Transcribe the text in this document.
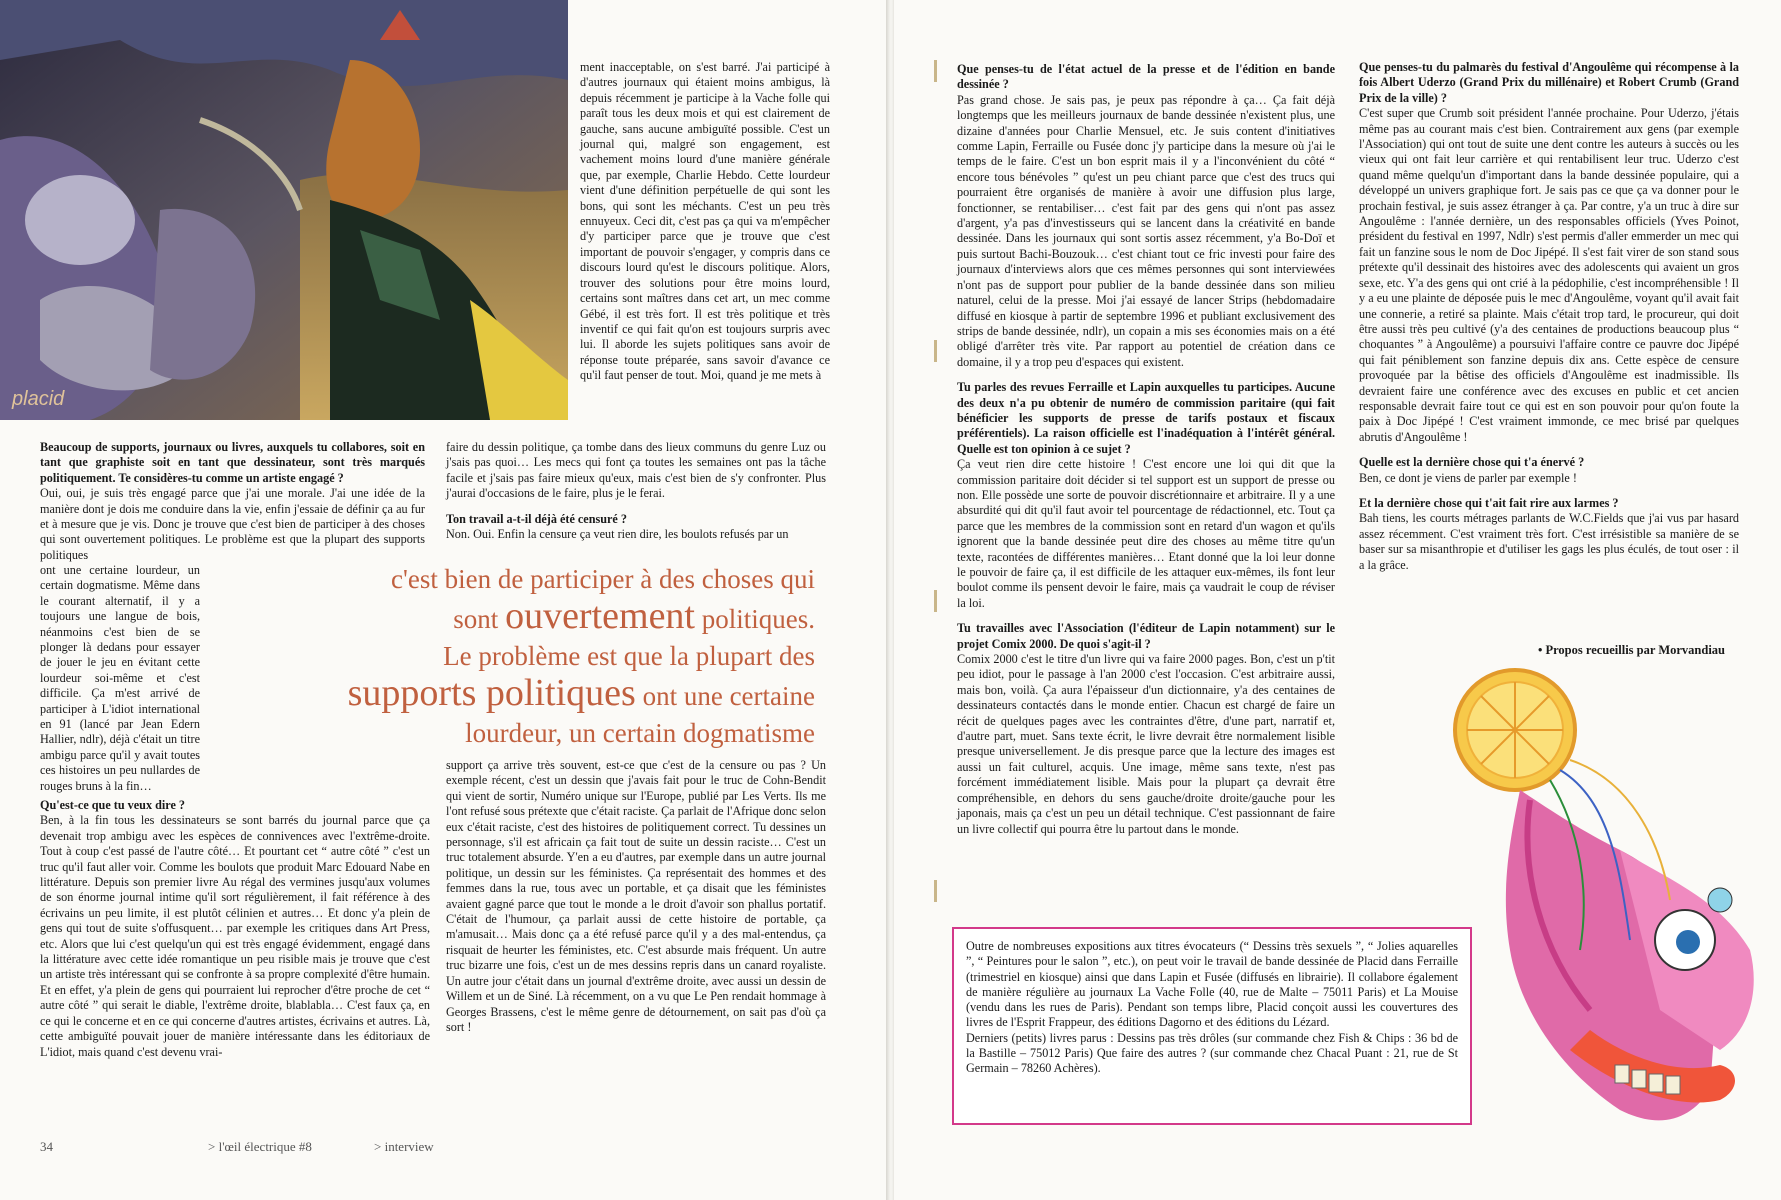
placid

ment inacceptable, on s'est barré. J'ai participé à d'autres journaux qui étaient moins ambigus, là depuis récemment je participe à la Vache folle qui paraît tous les deux mois et qui est clairement de gauche, sans aucune ambiguïté possible. C'est un journal qui, malgré son engagement, est vachement moins lourd d'une manière générale que, par exemple, Charlie Hebdo. Cette lourdeur vient d'une définition perpétuelle de qui sont les bons, qui sont les méchants. C'est un peu très ennuyeux. Ceci dit, c'est pas ça qui va m'empêcher d'y participer parce que je trouve que c'est important de pouvoir s'engager, y compris dans ce discours lourd qu'est le discours politique. Alors, trouver des solutions pour être moins lourd, certains sont maîtres dans cet art, un mec comme Gébé, il est très fort. Il est très politique et très inventif ce qui fait qu'on est toujours surpris avec lui. Il aborde les sujets politiques sans avoir de réponse toute préparée, sans savoir d'avance ce qu'il faut penser de tout. Moi, quand je me mets à

Beaucoup de supports, journaux ou livres, auxquels tu collabores, soit en tant que graphiste soit en tant que dessinateur, sont très marqués politiquement. Te considères-tu comme un artiste engagé ?

Oui, oui, je suis très engagé parce que j'ai une morale. J'ai une idée de la manière dont je dois me conduire dans la vie, enfin j'essaie de définir ça au fur et à mesure que je vis. Donc je trouve que c'est bien de participer à des choses qui sont ouvertement politiques. Le problème est que la plupart des supports politiques

faire du dessin politique, ça tombe dans des lieux communs du genre Luz ou j'sais pas quoi… Les mecs qui font ça toutes les semaines ont pas la tâche facile et j'sais pas faire mieux qu'eux, mais c'est bien de s'y confronter. Plus j'aurai d'occasions de le faire, plus je le ferai.

Ton travail a-t-il déjà été censuré ?

Non. Oui. Enfin la censure ça veut rien dire, les boulots refusés par un

ont une certaine lourdeur, un certain dogmatisme. Même dans le courant alternatif, il y a toujours une langue de bois, néanmoins c'est bien de se plonger là dedans pour essayer de jouer le jeu en évitant cette lourdeur soi-même et c'est difficile. Ça m'est arrivé de participer à L'idiot international en 91 (lancé par Jean Edern Hallier, ndlr), déjà c'était un titre ambigu parce qu'il y avait toutes ces histoires un peu nullardes de rouges bruns à la fin…

c'est bien de participer à des choses qui
sont ouvertement politiques.
Le problème est que la plupart des
supports politiques ont une certaine
lourdeur, un certain dogmatisme

Qu'est-ce que tu veux dire ?

Ben, à la fin tous les dessinateurs se sont barrés du journal parce que ça devenait trop ambigu avec les espèces de connivences avec l'extrême-droite. Tout à coup c'est passé de l'autre côté… Et pourtant cet “ autre côté ” c'est un truc qu'il faut aller voir. Comme les boulots que produit Marc Edouard Nabe en littérature. Depuis son premier livre Au régal des vermines jusqu'aux volumes de son énorme journal intime qu'il sort régulièrement, il fait référence à des écrivains un peu limite, il est plutôt célinien et autres… Et donc y'a plein de gens qui tout de suite s'offusquent… par exemple les critiques dans Art Press, etc. Alors que lui c'est quelqu'un qui est très engagé évidemment, engagé dans la littérature avec cette idée romantique un peu risible mais je trouve que c'est un artiste très intéressant qui se confronte à sa propre complexité d'être humain. Et en effet, y'a plein de gens qui pourraient lui reprocher d'être proche de cet “ autre côté ” qui serait le diable, l'extrême droite, blablabla… C'est faux ça, en ce qui le concerne et en ce qui concerne d'autres artistes, écrivains et autres. Là, cette ambiguïté pouvait jouer de manière intéressante dans les éditoriaux de L'idiot, mais quand c'est devenu vrai-

support ça arrive très souvent, est-ce que c'est de la censure ou pas ? Un exemple récent, c'est un dessin que j'avais fait pour le truc de Cohn-Bendit qui vient de sortir, Numéro unique sur l'Europe, publié par Les Verts. Ils me l'ont refusé sous prétexte que c'était raciste. Ça parlait de l'Afrique donc selon eux c'était raciste, c'est des histoires de politiquement correct. Tu dessines un personnage, s'il est africain ça fait tout de suite un dessin raciste… C'est un truc totalement absurde. Y'en a eu d'autres, par exemple dans un autre journal politique, un dessin sur les féministes. Ça représentait des hommes et des femmes dans la rue, tous avec un portable, et ça disait que les féministes avaient gagné parce que tout le monde a le droit d'avoir son phallus portatif. C'était de l'humour, ça parlait aussi de cette histoire de portable, ça m'amusait… Mais donc ça a été refusé parce qu'il y a des mal-entendus, ça risquait de heurter les féministes, etc. C'est absurde mais fréquent. Un autre truc bizarre une fois, c'est un de mes dessins repris dans un canard royaliste. Un autre jour c'était dans un journal d'extrême droite, avec aussi un dessin de Willem et un de Siné. Là récemment, on a vu que Le Pen rendait hommage à Georges Brassens, c'est le même genre de détournement, on sait pas d'où ça sort !

34	> l'œil électrique #8	> interview

Que penses-tu de l'état actuel de la presse et de l'édition en bande dessinée ?

Pas grand chose. Je sais pas, je peux pas répondre à ça… Ça fait déjà longtemps que les meilleurs journaux de bande dessinée n'existent plus, une dizaine d'années pour Charlie Mensuel, etc. Je suis content d'initiatives comme Lapin, Ferraille ou Fusée donc j'y participe dans la mesure où j'ai le temps de le faire. C'est un bon esprit mais il y a l'inconvénient du côté “ encore tous bénévoles ” qu'est un peu chiant parce que c'est des trucs qui pourraient être organisés de manière à avoir une diffusion plus large, fonctionner, se rentabiliser… c'est fait par des gens qui n'ont pas assez d'argent, y'a pas d'investisseurs qui se lancent dans la créativité en bande dessinée. Dans les journaux qui sont sortis assez récemment, y'a Bo-Doï et puis surtout Bachi-Bouzouk… c'est chiant tout ce fric investi pour faire des journaux d'interviews alors que ces mêmes personnes qui sont interviewées n'ont pas de support pour publier de la bande dessinée dans son milieu naturel, celui de la presse. Moi j'ai essayé de lancer Strips (hebdomadaire diffusé en kiosque à partir de septembre 1996 et publiant exclusivement des strips de bande dessinée, ndlr), un copain a mis ses économies mais on a été obligé d'arrêter très vite. Par rapport au potentiel de création dans ce domaine, il y a trop peu d'espaces qui existent.

Tu parles des revues Ferraille et Lapin auxquelles tu participes. Aucune des deux n'a pu obtenir de numéro de commission paritaire (qui fait bénéficier les supports de presse de tarifs postaux et fiscaux préférentiels). La raison officielle est l'inadéquation à l'intérêt général. Quelle est ton opinion à ce sujet ?

Ça veut rien dire cette histoire ! C'est encore une loi qui dit que la commission paritaire doit décider si tel support est un support de presse ou non. Elle possède une sorte de pouvoir discrétionnaire et arbitraire. Il y a une absurdité qui dit qu'il faut avoir tel pourcentage de rédactionnel, etc. Tout ça parce que les membres de la commission sont en retard d'un wagon et qu'ils ignorent que la bande dessinée peut dire des choses au même titre qu'un texte, racontées de différentes manières… Etant donné que la loi leur donne le pouvoir de faire ça, il est difficile de les attaquer eux-mêmes, ils font leur boulot comme ils pensent devoir le faire, mais ça vaudrait le coup de réviser la loi.

Tu travailles avec l'Association (l'éditeur de Lapin notamment) sur le projet Comix 2000. De quoi s'agit-il ?

Comix 2000 c'est le titre d'un livre qui va faire 2000 pages. Bon, c'est un p'tit peu idiot, pour le passage à l'an 2000 c'est l'occasion. C'est arbitraire aussi, mais bon, voilà. Ça aura l'épaisseur d'un dictionnaire, y'a des centaines de dessinateurs contactés dans le monde entier. Chacun est chargé de faire un récit de quelques pages avec les contraintes d'être, d'une part, narratif et, d'autre part, muet. Sans texte écrit, le livre devrait être normalement lisible presque universellement. Je dis presque parce que la lecture des images est aussi un fait culturel, acquis. Une image, même sans texte, n'est pas forcément immédiatement lisible. Mais pour la plupart ça devrait être compréhensible, en dehors du sens gauche/droite droite/gauche pour les japonais, mais ça c'est un peu un détail technique. C'est passionnant de faire un livre collectif qui pourra être lu partout dans le monde.

Que penses-tu du palmarès du festival d'Angoulême qui récompense à la fois Albert Uderzo (Grand Prix du millénaire) et Robert Crumb (Grand Prix de la ville) ?

C'est super que Crumb soit président l'année prochaine. Pour Uderzo, j'étais même pas au courant mais c'est bien. Contrairement aux gens (par exemple l'Association) qui ont tout de suite une dent contre les auteurs à succès ou les vieux qui ont fait leur carrière et qui rentabilisent leur truc. Uderzo c'est quand même quelqu'un d'important dans la bande dessinée populaire, qui a développé un univers graphique fort. Je sais pas ce que ça va donner pour le prochain festival, je suis assez étranger à ça. Par contre, y'a un truc à dire sur Angoulême : l'année dernière, un des responsables officiels (Yves Poinot, président du festival en 1997, Ndlr) s'est permis d'aller emmerder un mec qui fait un fanzine sous le nom de Doc Jipépé. Il s'est fait virer de son stand sous prétexte qu'il dessinait des histoires avec des adolescents qui avaient un gros sexe, etc. Y'a des gens qui ont crié à la pédophilie, c'est incompréhensible ! Il y a eu une plainte de déposée puis le mec d'Angoulême, voyant qu'il avait fait une connerie, a retiré sa plainte. Mais c'était trop tard, le procureur, qui doit être aussi très peu cultivé (y'a des centaines de productions beaucoup plus “ choquantes ” à Angoulême) a poursuivi l'affaire contre ce pauvre doc Jipépé qui fait péniblement son fanzine depuis dix ans. Cette espèce de censure provoquée par la bêtise des officiels d'Angoulême est inadmissible. Ils devraient faire une conférence avec des excuses en public et cet ancien responsable devrait faire tout ce qui est en son pouvoir pour qu'on foute la paix à Doc Jipépé ! C'est vraiment immonde, ce mec brisé par quelques abrutis d'Angoulême !

Quelle est la dernière chose qui t'a énervé ?

Ben, ce dont je viens de parler par exemple !

Et la dernière chose qui t'ait fait rire aux larmes ?

Bah tiens, les courts métrages parlants de W.C.Fields que j'ai vus par hasard assez récemment. C'est vraiment très fort. C'est irrésistible sa manière de se baser sur sa misanthropie et d'utiliser les gags les plus éculés, de tout oser : il a la grâce.

• Propos recueillis par Morvandiau

Outre de nombreuses expositions aux titres évocateurs (“ Dessins très sexuels ”, “ Jolies aquarelles ”, “ Peintures pour le salon ”, etc.), on peut voir le travail de bande dessinée de Placid dans Ferraille (trimestriel en kiosque) ainsi que dans Lapin et Fusée (diffusés en librairie). Il collabore également de manière régulière au journaux La Vache Folle (40, rue de Malte – 75011 Paris) et La Mouise (vendu dans les rues de Paris). Pendant son temps libre, Placid conçoit aussi les couvertures des livres de l'Esprit Frappeur, des éditions Dagorno et des éditions du Lézard.

Derniers (petits) livres parus : Dessins pas très drôles (sur commande chez Fish & Chips : 36 bd de la Bastille – 75012 Paris) Que faire des autres ? (sur commande chez Chacal Puant : 21, rue de St Germain – 78260 Achères).
